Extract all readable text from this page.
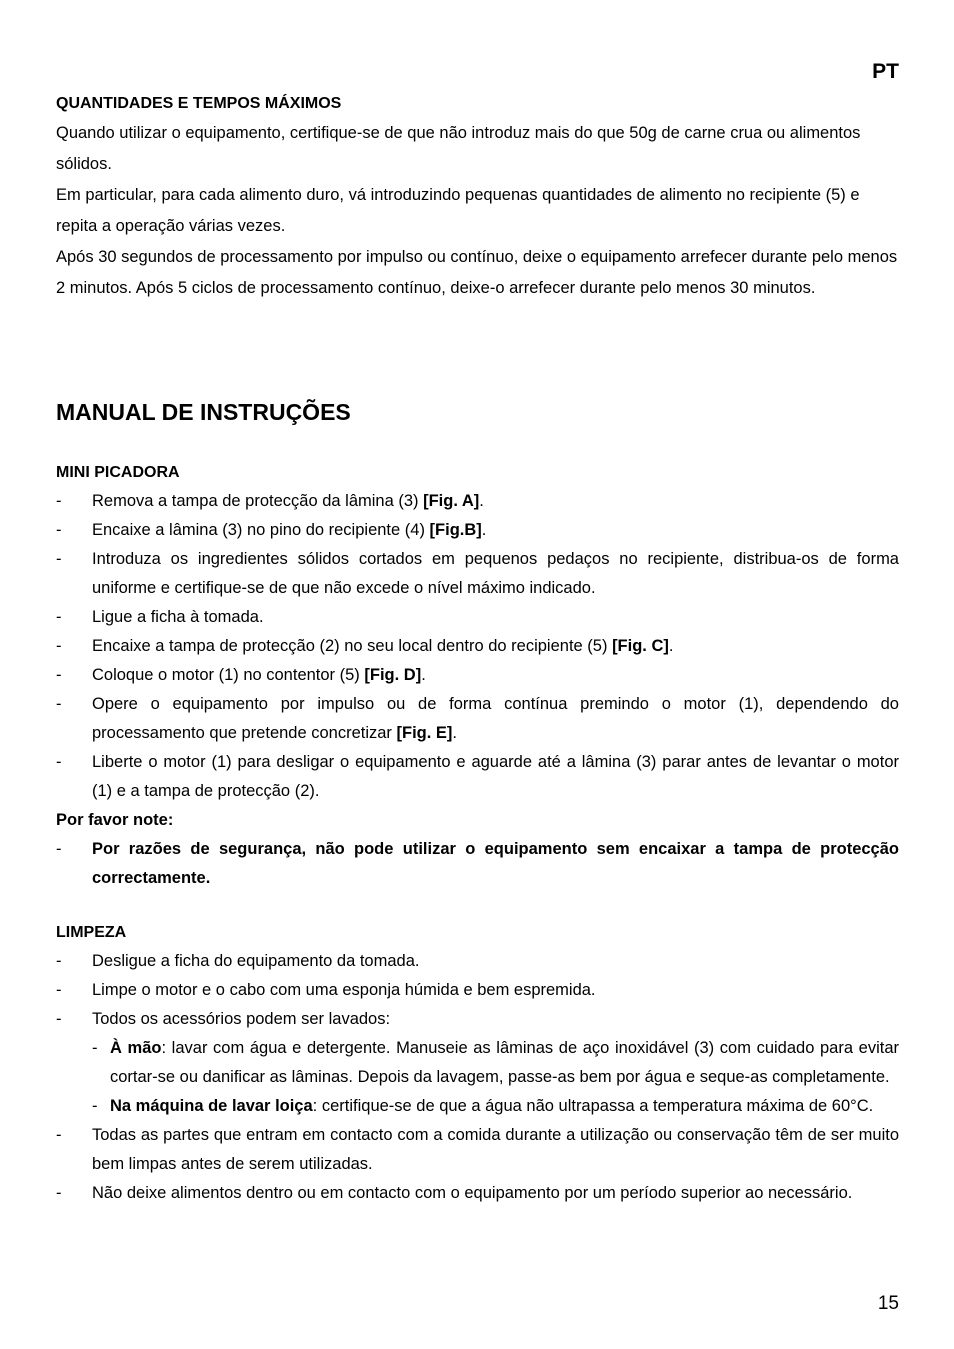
PT
QUANTIDADES E TEMPOS MÁXIMOS

Quando utilizar o equipamento, certifique-se de que não introduz mais do que 50g de carne crua ou alimentos sólidos.

Em particular, para cada alimento duro, vá introduzindo pequenas quantidades de alimento no recipiente (5) e repita a operação várias vezes.

Após 30 segundos de processamento por impulso ou contínuo, deixe o equipamento arrefecer durante pelo menos 2 minutos. Após 5 ciclos de processamento contínuo, deixe-o arrefecer durante pelo menos 30 minutos.

MANUAL DE INSTRUÇÕES
MINI PICADORA
- Remova a tampa de protecção da lâmina (3) [Fig. A].
- Encaixe a lâmina (3) no pino do recipiente (4) [Fig.B].
- Introduza os ingredientes sólidos cortados em pequenos pedaços no recipiente, distribua-os de forma uniforme e certifique-se de que não excede o nível máximo indicado.
- Ligue a ficha à tomada.
- Encaixe a tampa de protecção (2) no seu local dentro do recipiente (5) [Fig. C].
- Coloque o motor (1) no contentor (5) [Fig. D].
- Opere o equipamento por impulso ou de forma contínua premindo o motor (1), dependendo do processamento que pretende concretizar [Fig. E].
- Liberte o motor (1) para desligar o equipamento e aguarde até a lâmina (3) parar antes de levantar o motor (1) e a tampa de protecção (2).
Por favor note:
- Por razões de segurança, não pode utilizar o equipamento sem encaixar a tampa de protecção correctamente.
LIMPEZA
- Desligue a ficha do equipamento da tomada.
- Limpe o motor e o cabo com uma esponja húmida e bem espremida.
- Todos os acessórios podem ser lavados:
- À mão: lavar com água e detergente. Manuseie as lâminas de aço inoxidável (3) com cuidado para evitar cortar-se ou danificar as lâminas. Depois da lavagem, passe-as bem por água e seque-as completamente.
- Na máquina de lavar loiça: certifique-se de que a água não ultrapassa a temperatura máxima de 60°C.
- Todas as partes que entram em contacto com a comida durante a utilização ou conservação têm de ser muito bem limpas antes de serem utilizadas.
- Não deixe alimentos dentro ou em contacto com o equipamento por um período superior ao necessário.
15
